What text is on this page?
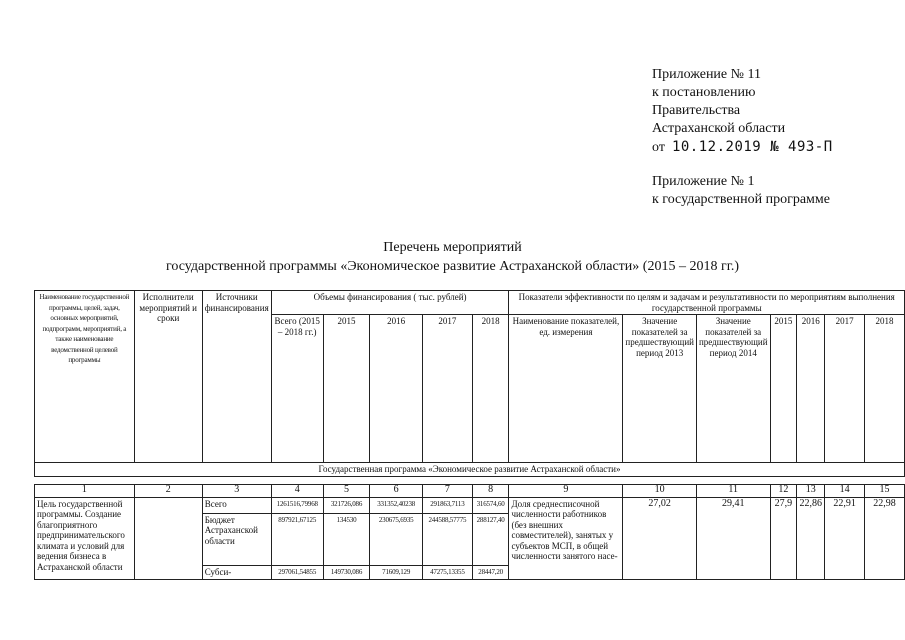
Приложение № 11
к постановлению
Правительства
Астраханской области
от 10.12.2019 № 493-П
Приложение № 1
к государственной программе
Перечень мероприятий
государственной программы «Экономическое развитие Астраханской области» (2015 – 2018 гг.)
Наименование государственной программы, целей, задач, основных мероприятий, подпрограмм, мероприятий, а также наименование ведомственной целевой программы	Исполнители мероприятий и сроки	Источники финансирования	Объемы финансирования ( тыс. рублей)					Показатели эффективности по целям и задачам и результативности по мероприятиям выполнения государственной программы						
			Всего (2015 – 2018 гг.)	2015	2016	2017	2018	Наименование показателей, ед. измерения	Значение показателей за предшествующий период 2013	Значение показателей за предшествующий период 2014	2015	2016	2017	2018
Государственная программа «Экономическое развитие Астраханской области»														

1	2	3	4	5	6	7	8	9	10	11	12	13	14	15
Цель государственной программы. Создание благоприятного предпринимательского климата и условий для ведения бизнеса в Астраханской области		Всего	1261516,79968	321726,086	331352,40238	291863,7113	316574,60	Доля среднесписочной численности работников (без внешних совместителей), занятых у субъектов МСП, в общей численности занятого насе-	27,02	29,41	27,9	22,86	22,91	22,98
		Бюджет Астраханской области	897921,67125	134530	230675,6935	244588,57775	288127,40							
		Субси-	297061,54855	149730,086	71609,129	47275,13355	28447,20							
